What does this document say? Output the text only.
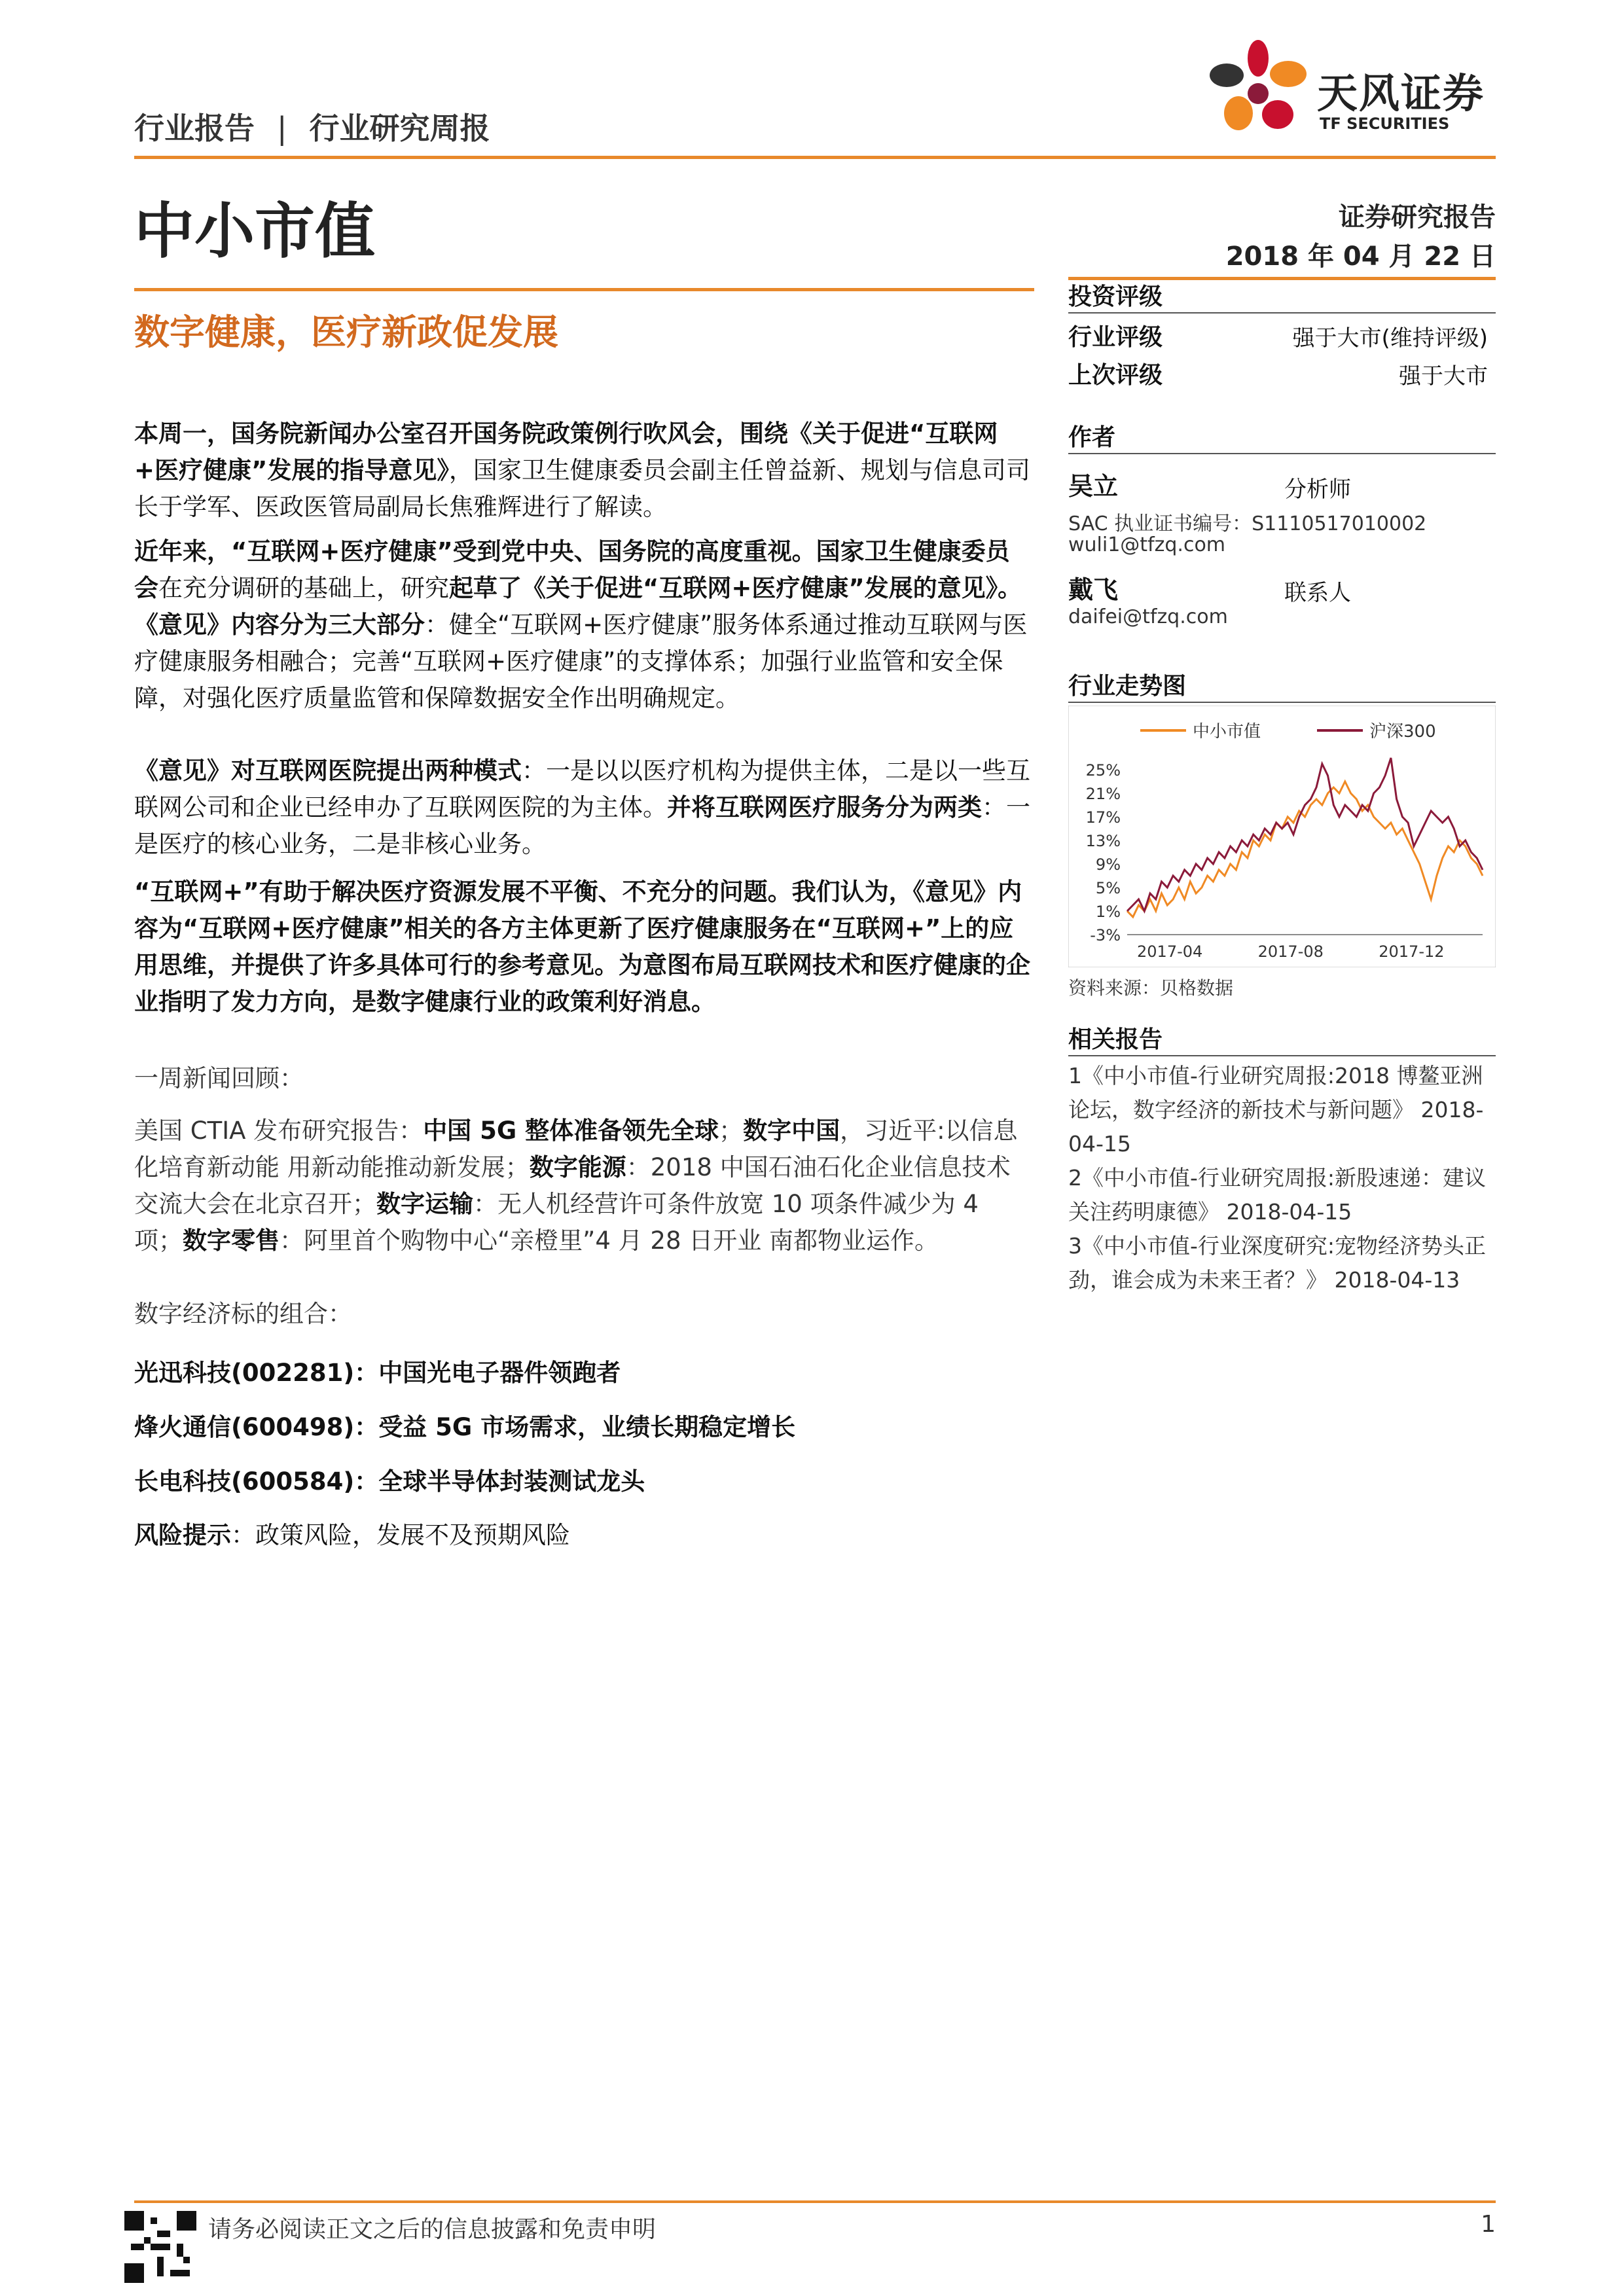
行业报告 | 行业研究周报
天风证券
TF SECURITIES
中小市值	证券研究报告
2018 年 04 月 22 日
数字健康，医疗新政促发展
投资评级
行业评级	强于大市(维持评级)
上次评级	强于大市
作者
吴立	分析师
SAC 执业证书编号：S1110517010002
wuli1@tfzq.com
戴飞	联系人
daifei@tfzq.com
行业走势图
中小市值	沪深300
25%
21%
17%
13%
9%
5%
1%
-3%
2017-04	2017-08	2017-12
资料来源：贝格数据
相关报告
1《中小市值-行业研究周报:2018 博鳌亚洲论坛，数字经济的新技术与新问题》 2018-04-15
2《中小市值-行业研究周报:新股速递：建议关注药明康德》 2018-04-15
3《中小市值-行业深度研究:宠物经济势头正劲，谁会成为未来王者？》 2018-04-13

本周一，国务院新闻办公室召开国务院政策例行吹风会，围绕《关于促进“互联网+医疗健康”发展的指导意见》，国家卫生健康委员会副主任曾益新、规划与信息司司长于学军、医政医管局副局长焦雅辉进行了解读。

近年来，“互联网+医疗健康”受到党中央、国务院的高度重视。国家卫生健康委员会在充分调研的基础上，研究起草了《关于促进“互联网+医疗健康”发展的意见》。《意见》内容分为三大部分：健全“互联网+医疗健康”服务体系通过推动互联网与医疗健康服务相融合；完善“互联网+医疗健康”的支撑体系；加强行业监管和安全保障，对强化医疗质量监管和保障数据安全作出明确规定。

《意见》对互联网医院提出两种模式：一是以以医疗机构为提供主体，二是以一些互联网公司和企业已经申办了互联网医院的为主体。并将互联网医疗服务分为两类：一是医疗的核心业务，二是非核心业务。

“互联网+”有助于解决医疗资源发展不平衡、不充分的问题。我们认为，《意见》内容为“互联网+医疗健康”相关的各方主体更新了医疗健康服务在“互联网+”上的应用思维，并提供了许多具体可行的参考意见。为意图布局互联网技术和医疗健康的企业指明了发力方向，是数字健康行业的政策利好消息。

一周新闻回顾：

美国 CTIA 发布研究报告：中国 5G 整体准备领先全球；数字中国，习近平:以信息化培育新动能 用新动能推动新发展；数字能源：2018 中国石油石化企业信息技术交流大会在北京召开；数字运输：无人机经营许可条件放宽 10 项条件减少为 4 项；数字零售：阿里首个购物中心“亲橙里”4 月 28 日开业 南都物业运作。

数字经济标的组合：

光迅科技(002281)：中国光电子器件领跑者

烽火通信(600498)：受益 5G 市场需求，业绩长期稳定增长

长电科技(600584)：全球半导体封装测试龙头

风险提示：政策风险，发展不及预期风险

请务必阅读正文之后的信息披露和免责申明	1
